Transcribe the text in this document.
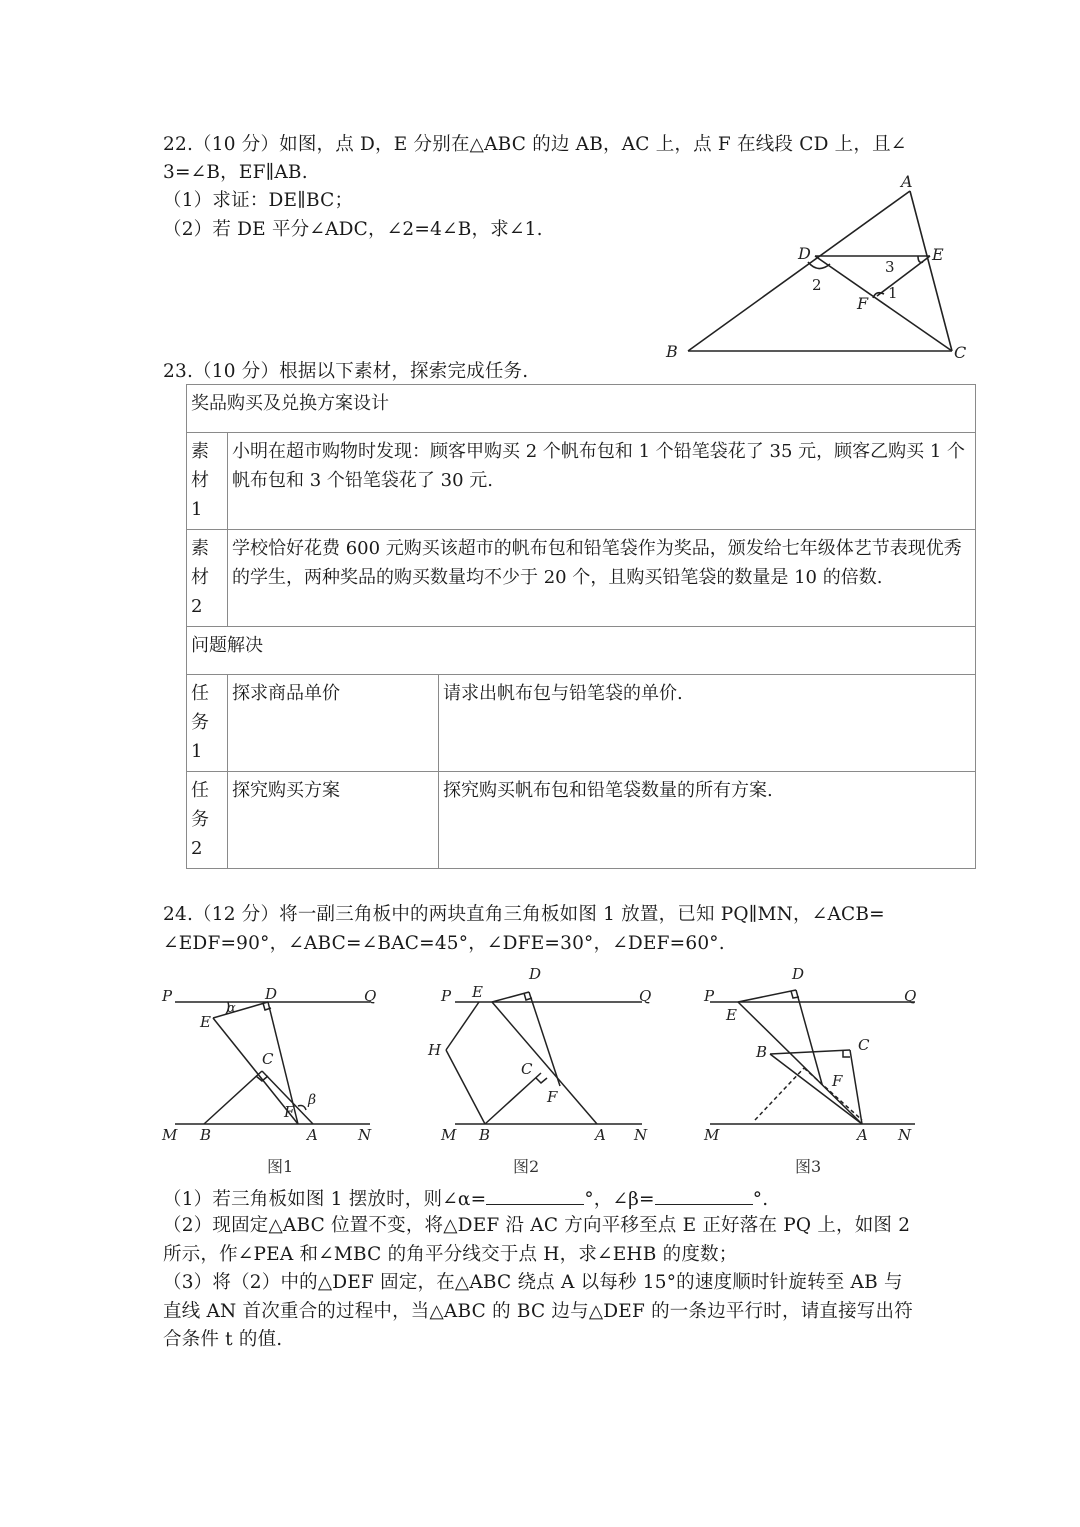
22.（10 分）如图，点 D，E 分别在△ABC 的边 AB，AC 上，点 F 在线段 CD 上，且∠
3=∠B，EF∥AB.
（1）求证：DE∥BC；
（2）若 DE 平分∠ADC，∠2=4∠B，求∠1.
A
B	C
D	E
F
1
2
3
23.（10 分）根据以下素材，探索完成任务.
奖品购买及兑换方案设计		
素材 1	小明在超市购物时发现：顾客甲购买 2 个帆布包和 1 个铅笔袋花了 35 元，顾客乙购买 1 个帆布包和 3 个铅笔袋花了 30 元.	
素材 2	学校恰好花费 600 元购买该超市的帆布包和铅笔袋作为奖品，颁发给七年级体艺节表现优秀的学生，两种奖品的购买数量均不少于 20 个，且购买铅笔袋的数量是 10 的倍数.	
问题解决		
任务 1	探求商品单价	请求出帆布包与铅笔袋的单价.
任务 2	探究购买方案	探究购买帆布包和铅笔袋数量的所有方案.
24.（12 分）将一副三角板中的两块直角三角板如图 1 放置，已知 PQ∥MN，∠ACB=
∠EDF=90°，∠ABC=∠BAC=45°，∠DFE=30°，∠DEF=60°.
P	Q
M	N
D
E
C
F
B	A
α
β
图1
P	Q
M	N
E
D
H
C
F
B	A
图2
P	Q
M	N
E
D
B	C
F
A
图3
（1）若三角板如图 1 摆放时，则∠α=	°，∠β=	°.
（2）现固定△ABC 位置不变，将△DEF 沿 AC 方向平移至点 E 正好落在 PQ 上，如图 2
所示，作∠PEA 和∠MBC 的角平分线交于点 H，求∠EHB 的度数；
（3）将（2）中的△DEF 固定，在△ABC 绕点 A 以每秒 15°的速度顺时针旋转至 AB 与
直线 AN 首次重合的过程中，当△ABC 的 BC 边与△DEF 的一条边平行时，请直接写出符
合条件 t 的值.
